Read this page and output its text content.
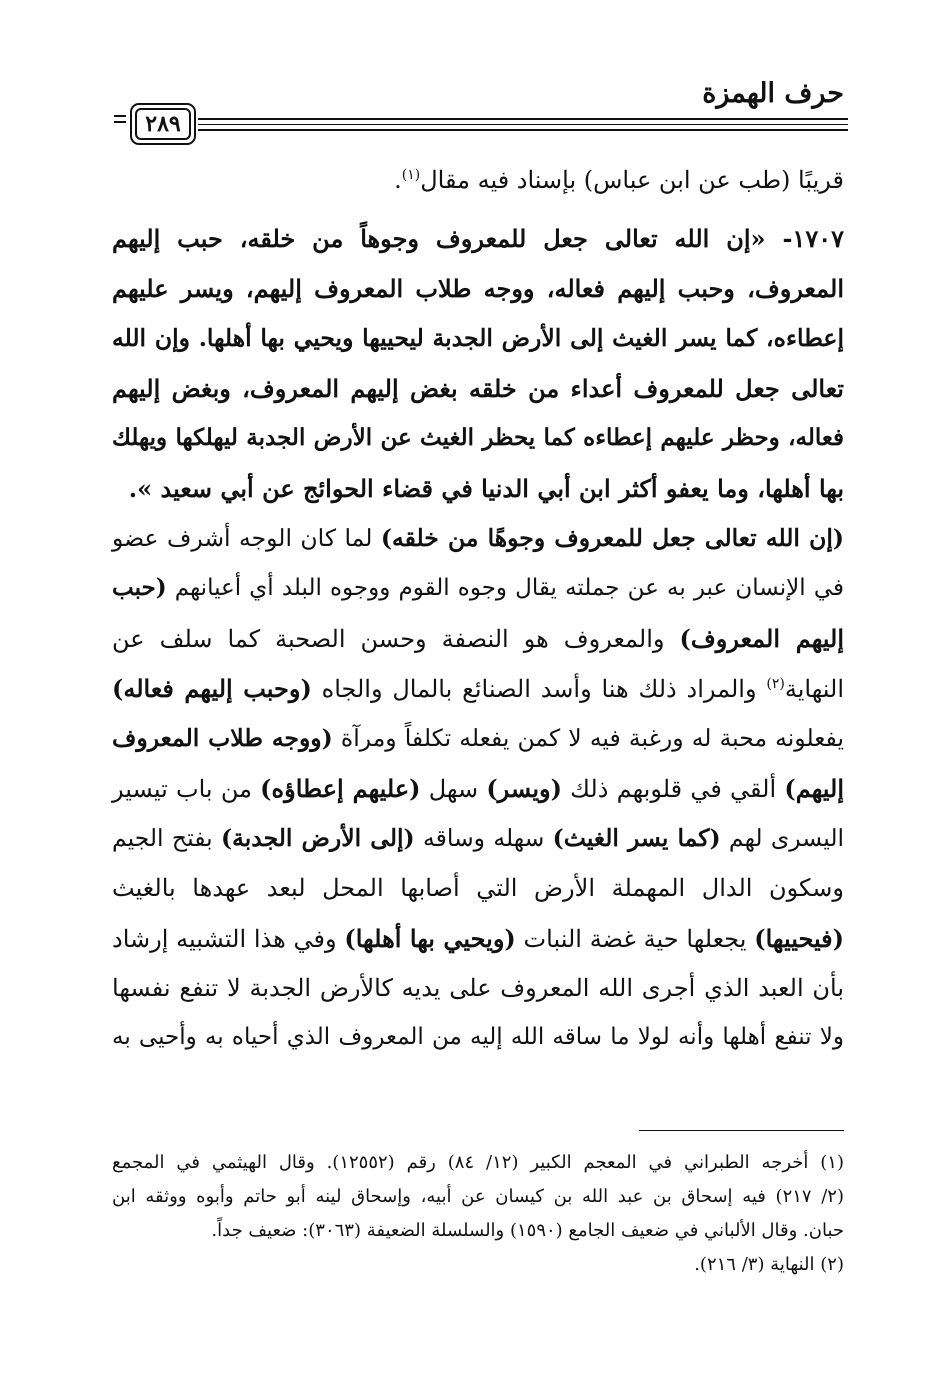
حرف الهمزة
٢٨٩
قريبًا (طب عن ابن عباس) بإسناد فيه مقال$^{(١)}$.
١٧٠٧- «إن الله تعالى جعل للمعروف وجوهاً من خلقه، حبب إليهم
المعروف، وحبب إليهم فعاله، ووجه طلاب المعروف إليهم، ويسر عليهم
إعطاءه، كما يسر الغيث إلى الأرض الجدبة ليحييها ويحيي بها أهلها. وإن الله
تعالى جعل للمعروف أعداء من خلقه بغض إليهم المعروف، وبغض إليهم
فعاله، وحظر عليهم إعطاءه كما يحظر الغيث عن الأرض الجدبة ليهلكها ويهلك
بها أهلها، وما يعفو أكثر ابن أبي الدنيا في قضاء الحوائج عن أبي سعيد ».
(إن الله تعالى جعل للمعروف وجوهًا من خلقه) لما كان الوجه أشرف عضو
في الإنسان عبر به عن جملته يقال وجوه القوم ووجوه البلد أي أعيانهم (حبب
إليهم المعروف) والمعروف هو النصفة وحسن الصحبة كما سلف عن
النهاية$^{(٢)}$ والمراد ذلك هنا وأسد الصنائع بالمال والجاه (وحبب إليهم فعاله)
يفعلونه محبة له ورغبة فيه لا كمن يفعله تكلفاً ومرآة (ووجه طلاب المعروف
إليهم) ألقي في قلوبهم ذلك (ويسر) سهل (عليهم إعطاؤه) من باب تيسير
اليسرى لهم (كما يسر الغيث) سهله وساقه (إلى الأرض الجدبة) بفتح الجيم
وسكون الدال المهملة الأرض التي أصابها المحل لبعد عهدها بالغيث
(فيحييها) يجعلها حية غضة النبات (ويحيي بها أهلها) وفي هذا التشبيه إرشاد
بأن العبد الذي أجرى الله المعروف على يديه كالأرض الجدبة لا تنفع نفسها
ولا تنفع أهلها وأنه لولا ما ساقه الله إليه من المعروف الذي أحياه به وأحيى به
(١) أخرجه الطبراني في المعجم الكبير (١٢/ ٨٤) رقم (١٢٥٥٢). وقال الهيثمي في المجمع
(٢/ ٢١٧) فيه إسحاق بن عبد الله بن كيسان عن أبيه، وإسحاق لينه أبو حاتم وأبوه ووثقه ابن
حبان. وقال الألباني في ضعيف الجامع (١٥٩٠) والسلسلة الضعيفة (٣٠٦٣): ضعيف جداً.
(٢) النهاية (٣/ ٢١٦).
